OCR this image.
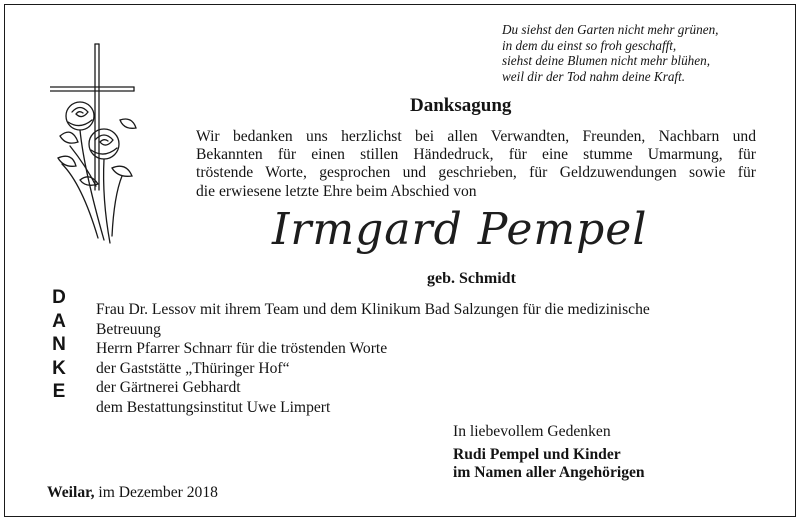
Du siehst den Garten nicht mehr grünen,
in dem du einst so froh geschafft,
siehst deine Blumen nicht mehr blühen,
weil dir der Tod nahm deine Kraft.
Danksagung
Wir bedanken uns herzlichst bei allen Verwandten, Freunden, Nachbarn und
Bekannten für einen stillen Händedruck, für eine stumme Umarmung, für
tröstende Worte, gesprochen und geschrieben, für Geldzuwendungen sowie für
die erwiesene letzte Ehre beim Abschied von
Irmgard Pempel
geb. Schmidt
D
A
N
K
E
Frau Dr. Lessov mit ihrem Team und dem Klinikum Bad Salzungen für die medizinische
Betreuung
Herrn Pfarrer Schnarr für die tröstenden Worte
der Gaststätte „Thüringer Hof“
der Gärtnerei Gebhardt
dem Bestattungsinstitut Uwe Limpert
In liebevollem Gedenken
Rudi Pempel und Kinder
im Namen aller Angehörigen
Weilar, im Dezember 2018
